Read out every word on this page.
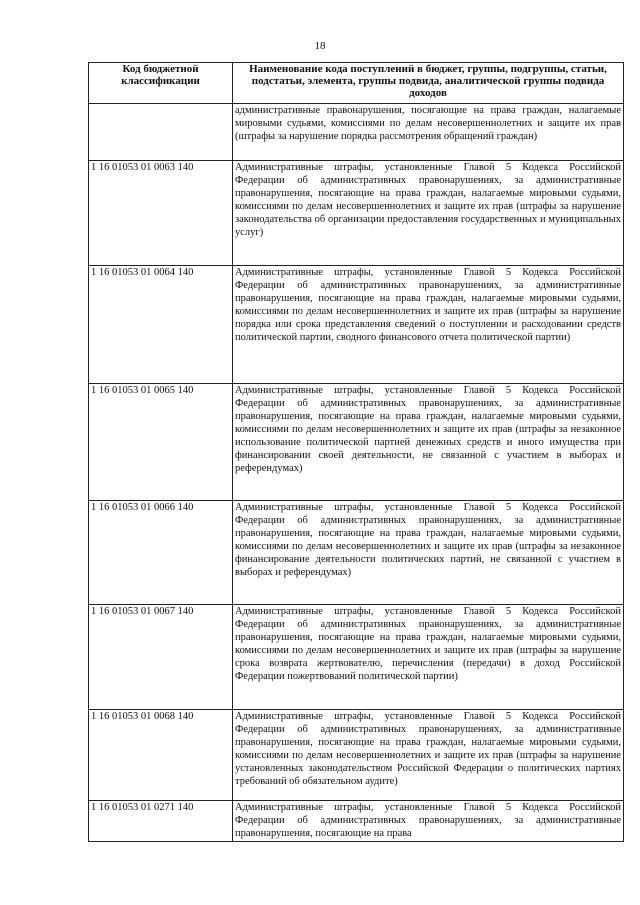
18
Код бюджетной классификации	Наименование кода поступлений в бюджет, группы, подгруппы, статьи, подстатьи, элемента, группы подвида, аналитической группы подвида доходов
	административные правонарушения, посягающие на права граждан, налагаемые мировыми судьями, комиссиями по делам несовершеннолетних и защите их прав (штрафы за нарушение порядка рассмотрения обращений граждан)
1 16 01053 01 0063 140	Административные штрафы, установленные Главой 5 Кодекса Российской Федерации об административных правонарушениях, за административные правонарушения, посягающие на права граждан, налагаемые мировыми судьями, комиссиями по делам несовершеннолетних и защите их прав (штрафы за нарушение законодательства об организации предоставления государственных и муниципальных услуг)
1 16 01053 01 0064 140	Административные штрафы, установленные Главой 5 Кодекса Российской Федерации об административных правонарушениях, за административные правонарушения, посягающие на права граждан, налагаемые мировыми судьями, комиссиями по делам несовершеннолетних и защите их прав (штрафы за нарушение порядка или срока представления сведений о поступлении и расходовании средств политической партии, сводного финансового отчета политической партии)
1 16 01053 01 0065 140	Административные штрафы, установленные Главой 5 Кодекса Российской Федерации об административных правонарушениях, за административные правонарушения, посягающие на права граждан, налагаемые мировыми судьями, комиссиями по делам несовершеннолетних и защите их прав (штрафы за незаконное использование политической партией денежных средств и иного имущества при финансировании своей деятельности, не связанной с участием в выборах и референдумах)
1 16 01053 01 0066 140	Административные штрафы, установленные Главой 5 Кодекса Российской Федерации об административных правонарушениях, за административные правонарушения, посягающие на права граждан, налагаемые мировыми судьями, комиссиями по делам несовершеннолетних и защите их прав (штрафы за незаконное финансирование деятельности политических партий, не связанной с участием в выборах и референдумах)
1 16 01053 01 0067 140	Административные штрафы, установленные Главой 5 Кодекса Российской Федерации об административных правонарушениях, за административные правонарушения, посягающие на права граждан, налагаемые мировыми судьями, комиссиями по делам несовершеннолетних и защите их прав (штрафы за нарушение срока возврата жертвователю, перечисления (передачи) в доход Российской Федерации пожертвований политической партии)
1 16 01053 01 0068 140	Административные штрафы, установленные Главой 5 Кодекса Российской Федерации об административных правонарушениях, за административные правонарушения, посягающие на права граждан, налагаемые мировыми судьями, комиссиями по делам несовершеннолетних и защите их прав (штрафы за нарушение установленных законодательством Российской Федерации о политических партиях требований об обязательном аудите)
1 16 01053 01 0271 140	Административные штрафы, установленные Главой 5 Кодекса Российской Федерации об административных правонарушениях, за административные правонарушения, посягающие на права
